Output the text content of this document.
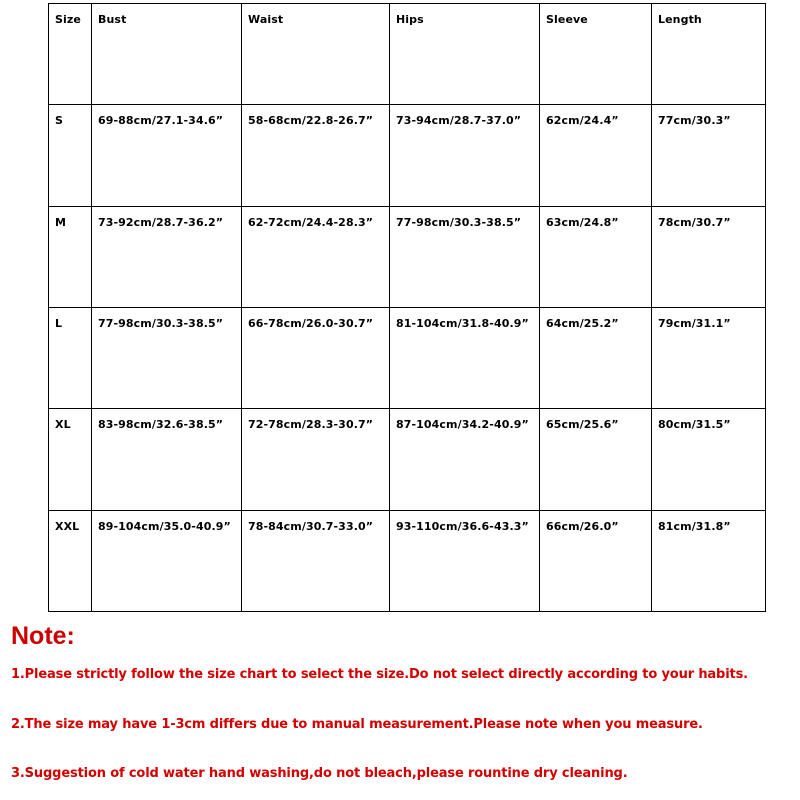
Size	Bust	Waist	Hips	Sleeve	Length
S	69-88cm/27.1-34.6”	58-68cm/22.8-26.7”	73-94cm/28.7-37.0”	62cm/24.4”	77cm/30.3”
M	73-92cm/28.7-36.2”	62-72cm/24.4-28.3”	77-98cm/30.3-38.5”	63cm/24.8”	78cm/30.7”
L	77-98cm/30.3-38.5”	66-78cm/26.0-30.7”	81-104cm/31.8-40.9”	64cm/25.2”	79cm/31.1”
XL	83-98cm/32.6-38.5”	72-78cm/28.3-30.7”	87-104cm/34.2-40.9”	65cm/25.6”	80cm/31.5”
XXL	89-104cm/35.0-40.9”	78-84cm/30.7-33.0”	93-110cm/36.6-43.3”	66cm/26.0”	81cm/31.8”
Note:

1.Please strictly follow the size chart to select the size.Do not select directly according to your habits.

2.The size may have 1-3cm differs due to manual measurement.Please note when you measure.

3.Suggestion of cold water hand washing,do not bleach,please rountine dry cleaning.
